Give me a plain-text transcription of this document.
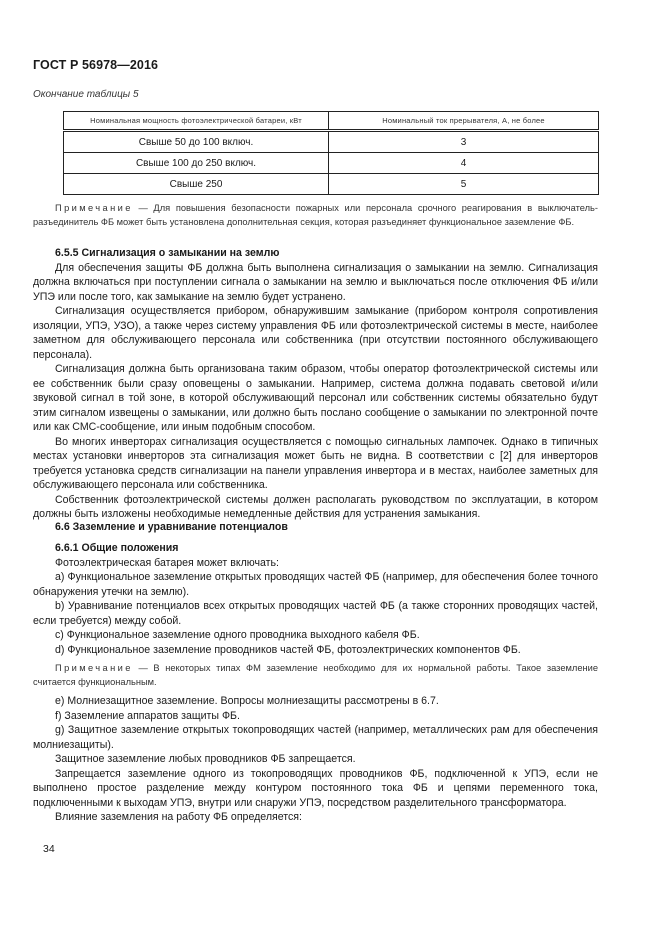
ГОСТ Р 56978—2016
Окончание таблицы 5
Номинальная мощность фотоэлектрической батареи, кВт	Номинальный ток прерывателя, А, не более
Свыше 50 до 100 включ.	3
Свыше 100 до 250 включ.	4
Свыше 250	5

Примечание — Для повышения безопасности пожарных или персонала срочного реагирования в выключатель-разъединитель ФБ может быть установлена дополнительная секция, которая разъединяет функциональное заземление ФБ.

6.5.5 Сигнализация о замыкании на землю

Для обеспечения защиты ФБ должна быть выполнена сигнализация о замыкании на землю. Сигнализация должна включаться при поступлении сигнала о замыкании на землю и выключаться после отключения ФБ и/или УПЭ или после того, как замыкание на землю будет устранено.

Сигнализация осуществляется прибором, обнаружившим замыкание (прибором контроля сопротивления изоляции, УПЭ, УЗО), а также через систему управления ФБ или фотоэлектрической системы в месте, наиболее заметном для обслуживающего персонала или собственника (при отсутствии постоянного обслуживающего персонала).

Сигнализация должна быть организована таким образом, чтобы оператор фотоэлектрической системы или ее собственник были сразу оповещены о замыкании. Например, система должна подавать световой и/или звуковой сигнал в той зоне, в которой обслуживающий персонал или собственник системы обязательно будут этим сигналом извещены о замыкании, или должно быть послано сообщение о замыкании по электронной почте или как СМС-сообщение, или иным подобным способом.

Во многих инверторах сигнализация осуществляется с помощью сигнальных лампочек. Однако в типичных местах установки инверторов эта сигнализация может быть не видна. В соответствии с [2] для инверторов требуется установка средств сигнализации на панели управления инвертора и в местах, наиболее заметных для обслуживающего персонала или собственника.

Собственник фотоэлектрической системы должен располагать руководством по эксплуатации, в котором должны быть изложены необходимые немедленные действия для устранения замыкания.

6.6 Заземление и уравнивание потенциалов

6.6.1 Общие положения

Фотоэлектрическая батарея может включать:

a) Функциональное заземление открытых проводящих частей ФБ (например, для обеспечения более точного обнаружения утечки на землю).

b) Уравнивание потенциалов всех открытых проводящих частей ФБ (а также сторонних проводящих частей, если требуется) между собой.

c) Функциональное заземление одного проводника выходного кабеля ФБ.

d) Функциональное заземление проводников частей ФБ, фотоэлектрических компонентов ФБ.

Примечание — В некоторых типах ФМ заземление необходимо для их нормальной работы. Такое заземление считается функциональным.

e) Молниезащитное заземление. Вопросы молниезащиты рассмотрены в 6.7.

f) Заземление аппаратов защиты ФБ.

g) Защитное заземление открытых токопроводящих частей (например, металлических рам для обеспечения молниезащиты).

Защитное заземление любых проводников ФБ запрещается.

Запрещается заземление одного из токопроводящих проводников ФБ, подключенной к УПЭ, если не выполнено простое разделение между контуром постоянного тока ФБ и цепями переменного тока, подключенными к выходам УПЭ, внутри или снаружи УПЭ, посредством разделительного трансформатора.

Влияние заземления на работу ФБ определяется:

34
